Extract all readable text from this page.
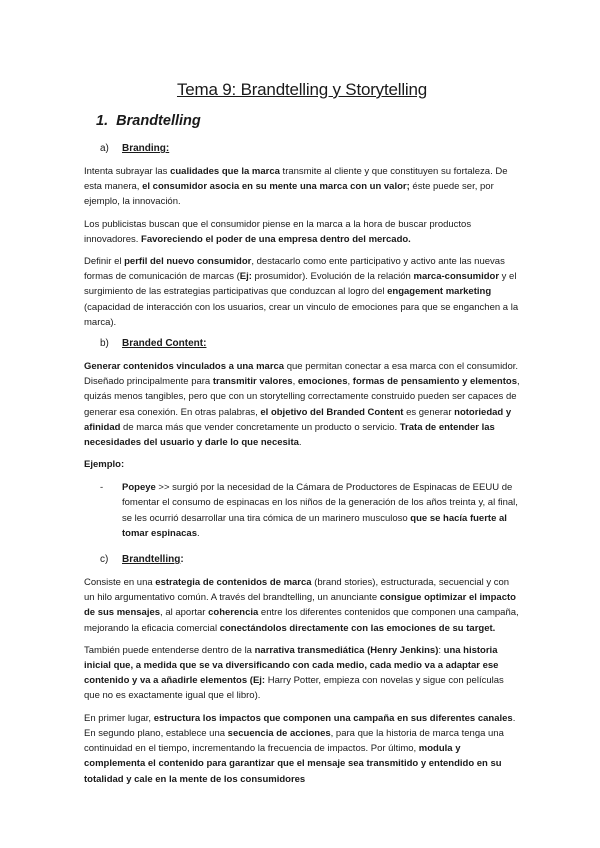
Tema 9: Brandtelling y Storytelling
1. Brandtelling
a) Branding:

Intenta subrayar las cualidades que la marca transmite al cliente y que constituyen su fortaleza. De esta manera, el consumidor asocia en su mente una marca con un valor; éste puede ser, por ejemplo, la innovación.

Los publicistas buscan que el consumidor piense en la marca a la hora de buscar productos innovadores. Favoreciendo el poder de una empresa dentro del mercado.

Definir el perfil del nuevo consumidor, destacarlo como ente participativo y activo ante las nuevas formas de comunicación de marcas (Ej: prosumidor). Evolución de la relación marca-consumidor y el surgimiento de las estrategias participativas que conduzcan al logro del engagement marketing (capacidad de interacción con los usuarios, crear un vinculo de emociones para que se enganchen a la marca).

b) Branded Content:

Generar contenidos vinculados a una marca que permitan conectar a esa marca con el consumidor. Diseñado principalmente para transmitir valores, emociones, formas de pensamiento y elementos, quizás menos tangibles, pero que con un storytelling correctamente construido pueden ser capaces de generar esa conexión. En otras palabras, el objetivo del Branded Content es generar notoriedad y afinidad de marca más que vender concretamente un producto o servicio. Trata de entender las necesidades del usuario y darle lo que necesita.

Ejemplo:
-	Popeye >> surgió por la necesidad de la Cámara de Productores de Espinacas de EEUU de fomentar el consumo de espinacas en los niños de la generación de los años treinta y, al final, se les ocurrió desarrollar una tira cómica de un marinero musculoso que se hacía fuerte al tomar espinacas.
c) Brandtelling:

Consiste en una estrategia de contenidos de marca (brand stories), estructurada, secuencial y con un hilo argumentativo común. A través del brandtelling, un anunciante consigue optimizar el impacto de sus mensajes, al aportar coherencia entre los diferentes contenidos que componen una campaña, mejorando la eficacia comercial conectándolos directamente con las emociones de su target.

También puede entenderse dentro de la narrativa transmediática (Henry Jenkins): una historia inicial que, a medida que se va diversificando con cada medio, cada medio va a adaptar ese contenido y va a añadirle elementos (Ej: Harry Potter, empieza con novelas y sigue con películas que no es exactamente igual que el libro).

En primer lugar, estructura los impactos que componen una campaña en sus diferentes canales. En segundo plano, establece una secuencia de acciones, para que la historia de marca tenga una continuidad en el tiempo, incrementando la frecuencia de impactos. Por último, modula y complementa el contenido para garantizar que el mensaje sea transmitido y entendido en su totalidad y cale en la mente de los consumidores
